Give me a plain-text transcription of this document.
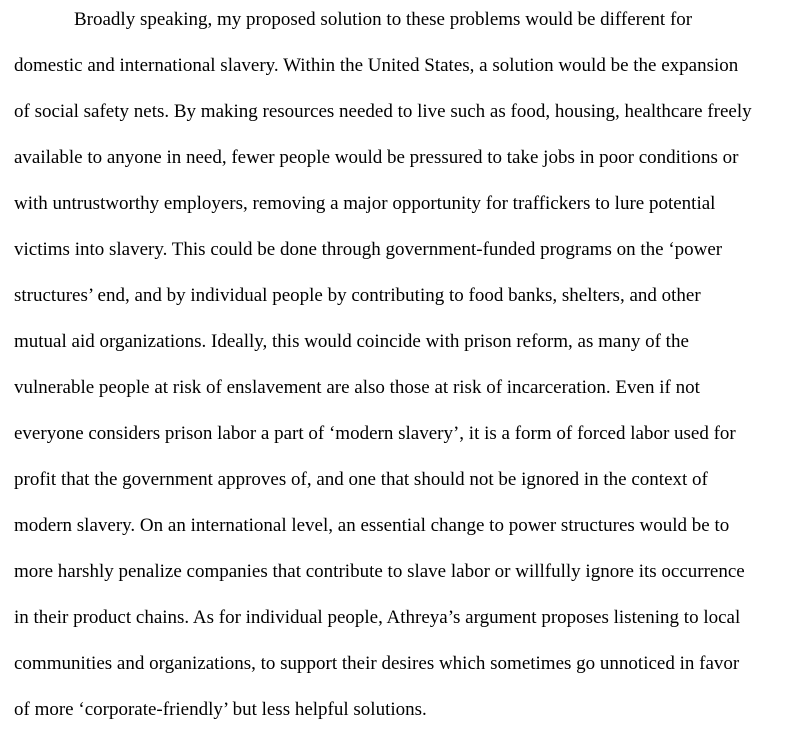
Broadly speaking, my proposed solution to these problems would be different for
domestic and international slavery. Within the United States, a solution would be the expansion
of social safety nets. By making resources needed to live such as food, housing, healthcare freely
available to anyone in need, fewer people would be pressured to take jobs in poor conditions or
with untrustworthy employers, removing a major opportunity for traffickers to lure potential
victims into slavery. This could be done through government-funded programs on the ‘power
structures’ end, and by individual people by contributing to food banks, shelters, and other
mutual aid organizations. Ideally, this would coincide with prison reform, as many of the
vulnerable people at risk of enslavement are also those at risk of incarceration. Even if not
everyone considers prison labor a part of ‘modern slavery’, it is a form of forced labor used for
profit that the government approves of, and one that should not be ignored in the context of
modern slavery. On an international level, an essential change to power structures would be to
more harshly penalize companies that contribute to slave labor or willfully ignore its occurrence
in their product chains. As for individual people, Athreya’s argument proposes listening to local
communities and organizations, to support their desires which sometimes go unnoticed in favor
of more ‘corporate-friendly’ but less helpful solutions.
